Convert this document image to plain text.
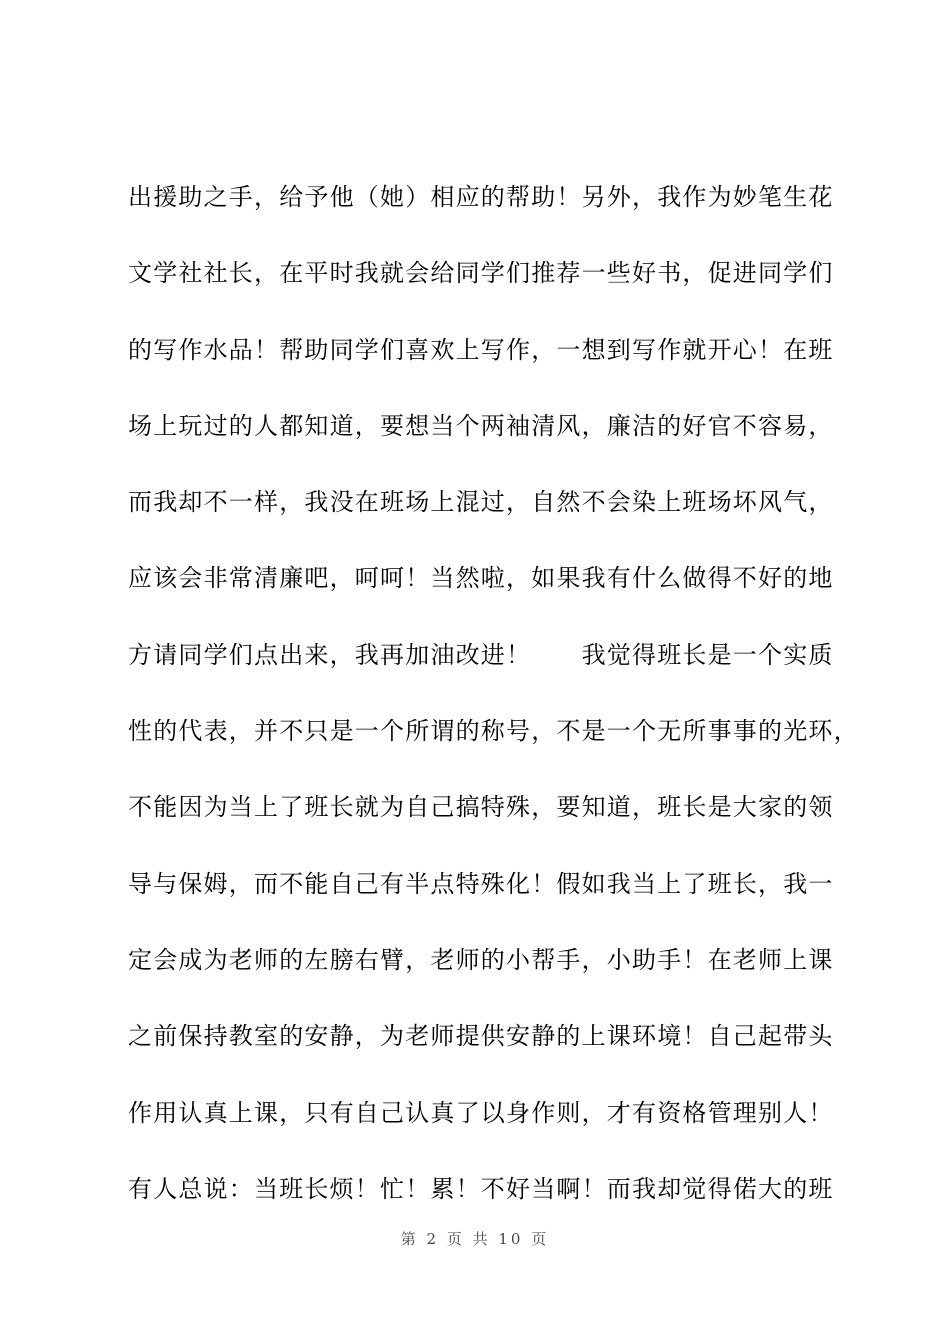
出援助之手，给予他（她）相应的帮助！另外，我作为妙笔生花
文学社社长，在平时我就会给同学们推荐一些好书，促进同学们
的写作水品！帮助同学们喜欢上写作，一想到写作就开心！在班
场上玩过的人都知道，要想当个两袖清风，廉洁的好官不容易，
而我却不一样，我没在班场上混过，自然不会染上班场坏风气，
应该会非常清廉吧，呵呵！当然啦，如果我有什么做得不好的地
方请同学们点出来，我再加油改进！　　我觉得班长是一个实质
性的代表，并不只是一个所谓的称号，不是一个无所事事的光环，
不能因为当上了班长就为自己搞特殊，要知道，班长是大家的领
导与保姆，而不能自己有半点特殊化！假如我当上了班长，我一
定会成为老师的左膀右臂，老师的小帮手，小助手！在老师上课
之前保持教室的安静，为老师提供安静的上课环境！自己起带头
作用认真上课，只有自己认真了以身作则，才有资格管理别人！
有人总说：当班长烦！忙！累！不好当啊！而我却觉得偌大的班
第 2 页 共 10 页
